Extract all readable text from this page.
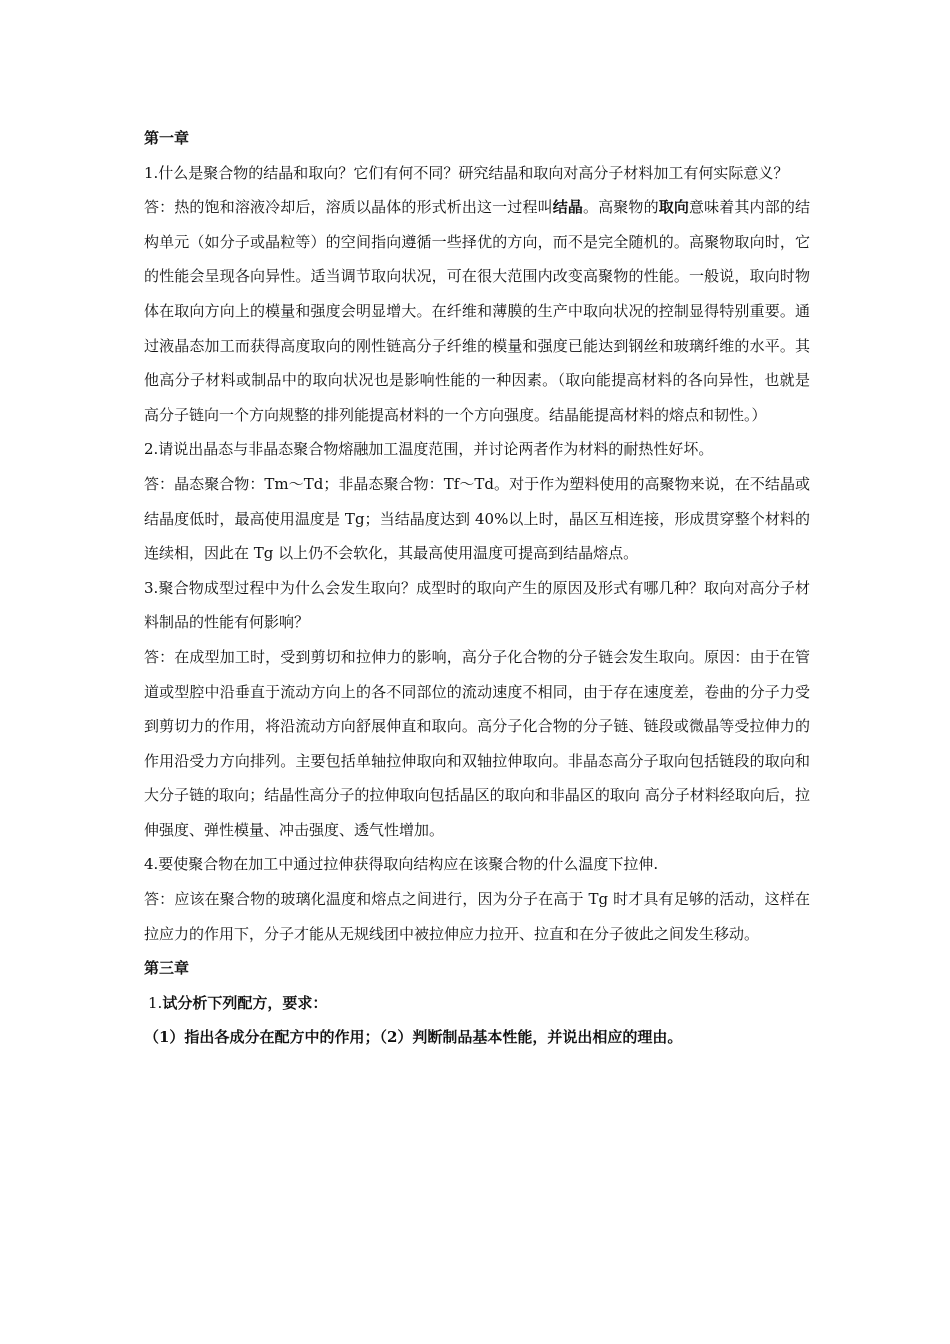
第一章

1.什么是聚合物的结晶和取向？它们有何不同？研究结晶和取向对高分子材料加工有何实际意义？

答：热的饱和溶液冷却后，溶质以晶体的形式析出这一过程叫结晶。高聚物的取向意味着其内部的结构单元（如分子或晶粒等）的空间指向遵循一些择优的方向，而不是完全随机的。高聚物取向时，它的性能会呈现各向异性。适当调节取向状况，可在很大范围内改变高聚物的性能。一般说，取向时物体在取向方向上的模量和强度会明显增大。在纤维和薄膜的生产中取向状况的控制显得特别重要。通过液晶态加工而获得高度取向的刚性链高分子纤维的模量和强度已能达到钢丝和玻璃纤维的水平。其他高分子材料或制品中的取向状况也是影响性能的一种因素。（取向能提高材料的各向异性，也就是高分子链向一个方向规整的排列能提高材料的一个方向强度。结晶能提高材料的熔点和韧性。）

2.请说出晶态与非晶态聚合物熔融加工温度范围，并讨论两者作为材料的耐热性好坏。

答：晶态聚合物：Tm～Td；非晶态聚合物：Tf～Td。对于作为塑料使用的高聚物来说，在不结晶或结晶度低时，最高使用温度是 Tg；当结晶度达到 40%以上时，晶区互相连接，形成贯穿整个材料的连续相，因此在 Tg 以上仍不会软化，其最高使用温度可提高到结晶熔点。

3.聚合物成型过程中为什么会发生取向？成型时的取向产生的原因及形式有哪几种？取向对高分子材料制品的性能有何影响？

答：在成型加工时，受到剪切和拉伸力的影响，高分子化合物的分子链会发生取向。原因：由于在管道或型腔中沿垂直于流动方向上的各不同部位的流动速度不相同，由于存在速度差，卷曲的分子力受到剪切力的作用，将沿流动方向舒展伸直和取向。高分子化合物的分子链、链段或微晶等受拉伸力的作用沿受力方向排列。主要包括单轴拉伸取向和双轴拉伸取向。非晶态高分子取向包括链段的取向和大分子链的取向；结晶性高分子的拉伸取向包括晶区的取向和非晶区的取向 高分子材料经取向后，拉伸强度、弹性模量、冲击强度、透气性增加。

4.要使聚合物在加工中通过拉伸获得取向结构应在该聚合物的什么温度下拉伸.

答：应该在聚合物的玻璃化温度和熔点之间进行，因为分子在高于 Tg 时才具有足够的活动，这样在拉应力的作用下，分子才能从无规线团中被拉伸应力拉开、拉直和在分子彼此之间发生移动。

第三章

1.试分析下列配方，要求：

（1）指出各成分在配方中的作用；（2）判断制品基本性能，并说出相应的理由。
